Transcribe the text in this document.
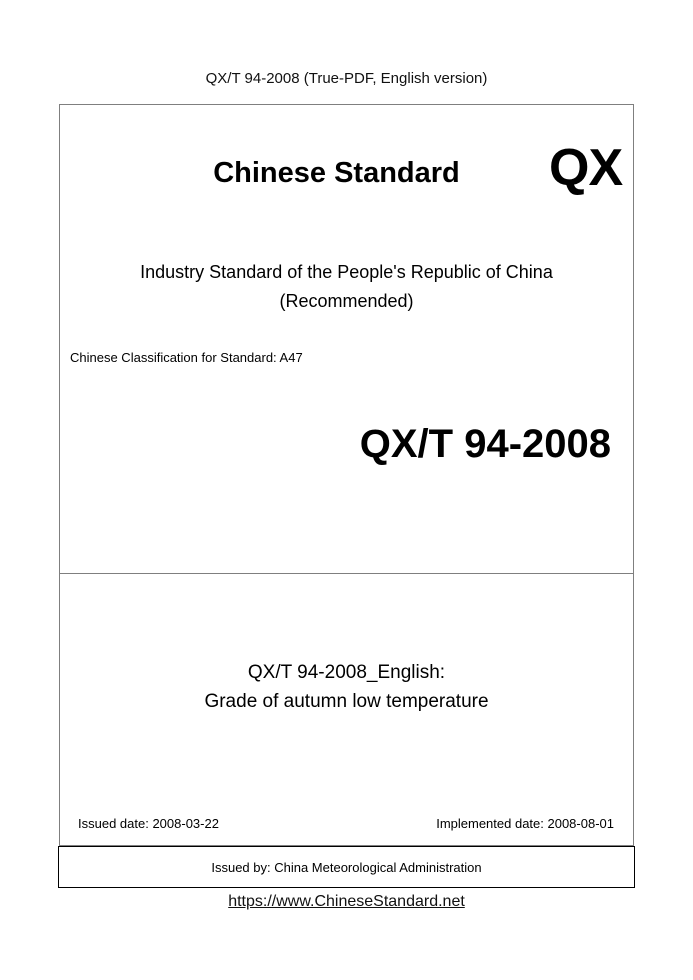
QX/T 94-2008 (True-PDF, English version)
Chinese Standard	QX
Industry Standard of the People's Republic of China
(Recommended)
Chinese Classification for Standard: A47
QX/T 94-2008
QX/T 94-2008_English:
Grade of autumn low temperature
Issued date: 2008-03-22	Implemented date: 2008-08-01
Issued by: China Meteorological Administration
https://www.ChineseStandard.net
